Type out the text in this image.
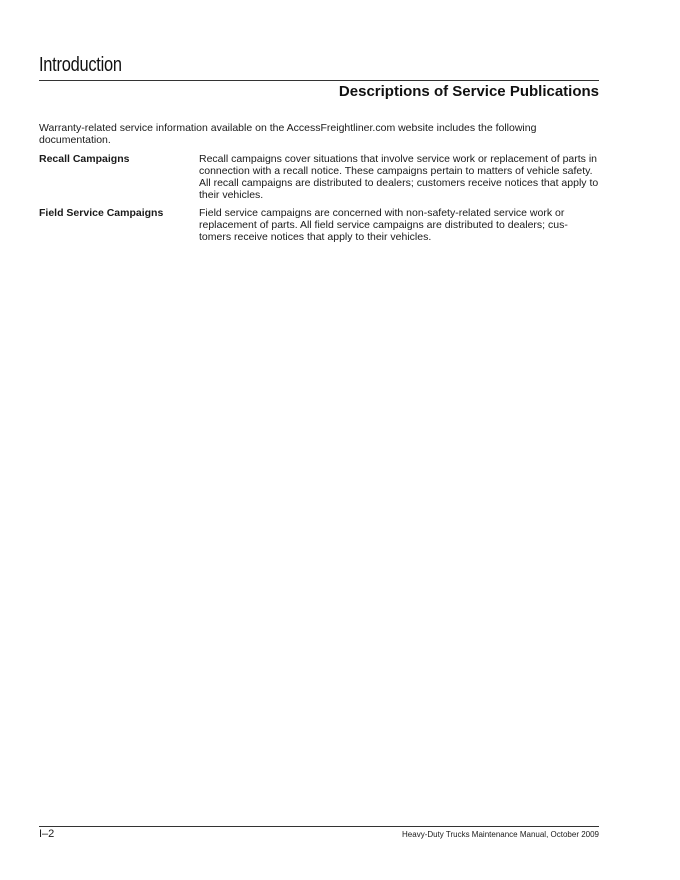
Introduction
Descriptions of Service Publications
Warranty-related service information available on the AccessFreightliner.com website includes the following documentation.
Recall Campaigns	Recall campaigns cover situations that involve service work or replacement of parts in connection with a recall notice. These campaigns pertain to matters of vehicle safety. All recall campaigns are distributed to dealers; customers receive notices that apply to their vehicles.
Field Service Campaigns	Field service campaigns are concerned with non-safety-related service work or replacement of parts. All field service campaigns are distributed to dealers; cus-tomers receive notices that apply to their vehicles.
I–2	Heavy-Duty Trucks Maintenance Manual, October 2009
